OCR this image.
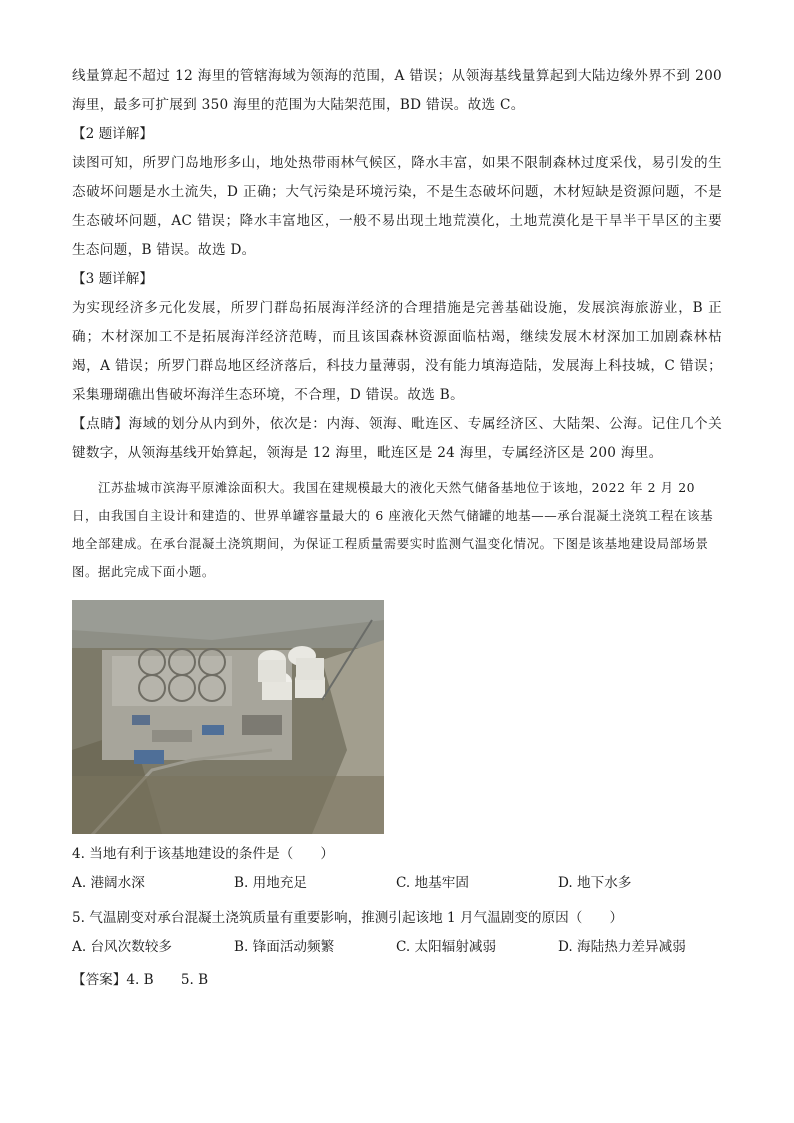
线量算起不超过 12 海里的管辖海域为领海的范围，A 错误；从领海基线量算起到大陆边缘外界不到 200 海里，最多可扩展到 350 海里的范围为大陆架范围，BD 错误。故选 C。

【2 题详解】

读图可知，所罗门岛地形多山，地处热带雨林气候区，降水丰富，如果不限制森林过度采伐，易引发的生态破坏问题是水土流失，D 正确；大气污染是环境污染，不是生态破坏问题，木材短缺是资源问题，不是生态破坏问题，AC 错误；降水丰富地区，一般不易出现土地荒漠化，土地荒漠化是干旱半干旱区的主要生态问题，B 错误。故选 D。

【3 题详解】

为实现经济多元化发展，所罗门群岛拓展海洋经济的合理措施是完善基础设施，发展滨海旅游业，B 正确；木材深加工不是拓展海洋经济范畴，而且该国森林资源面临枯竭，继续发展木材深加工加剧森林枯竭，A 错误；所罗门群岛地区经济落后，科技力量薄弱，没有能力填海造陆，发展海上科技城，C 错误；采集珊瑚礁出售破坏海洋生态环境，不合理，D 错误。故选 B。

【点睛】海域的划分从内到外，依次是：内海、领海、毗连区、专属经济区、大陆架、公海。记住几个关键数字，从领海基线开始算起，领海是 12 海里，毗连区是 24 海里，专属经济区是 200 海里。

江苏盐城市滨海平原滩涂面积大。我国在建规模最大的液化天然气储备基地位于该地，2022 年 2 月 20 日，由我国自主设计和建造的、世界单罐容量最大的 6 座液化天然气储罐的地基——承台混凝土浇筑工程在该基地全部建成。在承台混凝土浇筑期间，为保证工程质量需要实时监测气温变化情况。下图是该基地建设局部场景图。据此完成下面小题。

4. 当地有利于该基地建设的条件是（　　）

A. 港阔水深	B. 用地充足	C. 地基牢固	D. 地下水多

5. 气温剧变对承台混凝土浇筑质量有重要影响，推测引起该地 1 月气温剧变的原因（　　）

A. 台风次数较多	B. 锋面活动频繁	C. 太阳辐射减弱	D. 海陆热力差异减弱
【答案】4. B　　5. B
